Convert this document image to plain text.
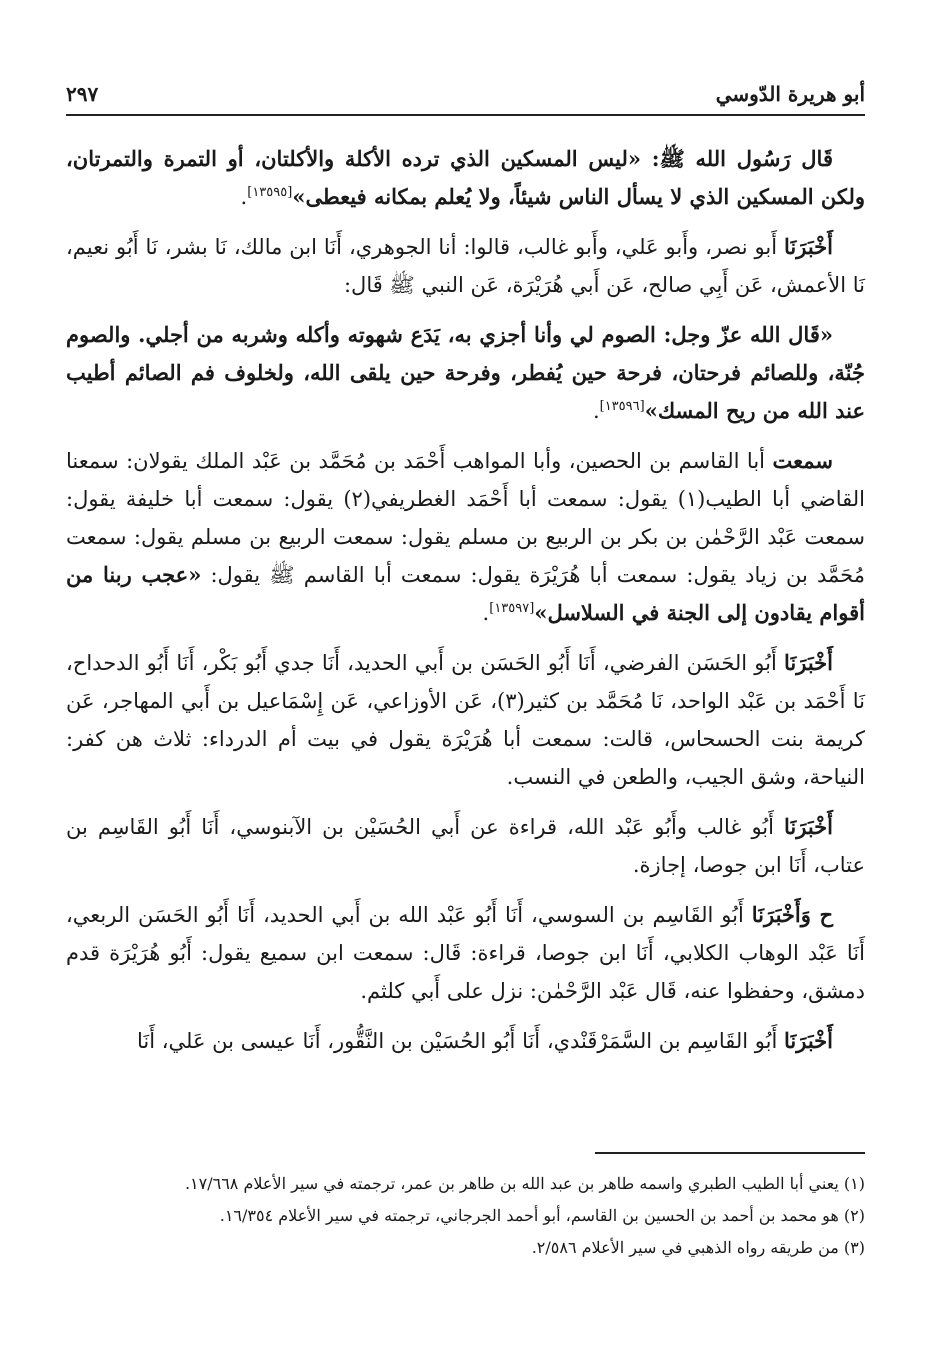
أبو هريرة الدّوسي
٢٩٧

قَال رَسُول الله ﷺ: «ليس المسكين الذي ترده الأكلة والأكلتان، أو التمرة والتمرتان، ولكن المسكين الذي لا يسأل الناس شيئاً، ولا يُعلم بمكانه فيعطى»[١٣٥٩٥].

أَخْبَرَنَا أَبو نصر، وأَبو عَلي، وأَبو غالب، قالوا: أنا الجوهري، أَنَا ابن مالك، نَا بشر، نَا أَبُو نعيم، نَا الأعمش، عَن أَبِي صالح، عَن أَبي هُرَيْرَة، عَن النبي ﷺ قَال:

«قَال الله عزّ وجل: الصوم لي وأنا أجزي به، يَدَع شهوته وأكله وشربه من أجلي. والصوم جُنّة، وللصائم فرحتان، فرحة حين يُفطر، وفرحة حين يلقى الله، ولخلوف فم الصائم أطيب عند الله من ريح المسك»[١٣٥٩٦].

سمعت أبا القاسم بن الحصين، وأبا المواهب أَحْمَد بن مُحَمَّد بن عَبْد الملك يقولان: سمعنا القاضي أبا الطيب(١) يقول: سمعت أبا أَحْمَد الغطريفي(٢) يقول: سمعت أبا خليفة يقول: سمعت عَبْد الرَّحْمٰن بن بكر بن الربيع بن مسلم يقول: سمعت الربيع بن مسلم يقول: سمعت مُحَمَّد بن زياد يقول: سمعت أبا هُرَيْرَة يقول: سمعت أبا القاسم ﷺ يقول: «عجب ربنا من أقوام يقادون إلى الجنة في السلاسل»[١٣٥٩٧].

أَخْبَرَنَا أَبُو الحَسَن الفرضي، أَنَا أَبُو الحَسَن بن أَبي الحديد، أَنَا جدي أَبُو بَكْر، أَنَا أَبُو الدحداح، نَا أَحْمَد بن عَبْد الواحد، نَا مُحَمَّد بن كثير(٣)، عَن الأوزاعي، عَن إِسْمَاعيل بن أَبي المهاجر، عَن كريمة بنت الحسحاس، قالت: سمعت أبا هُرَيْرَة يقول في بيت أم الدرداء: ثلاث هن كفر: النياحة، وشق الجيب، والطعن في النسب.

أَخْبَرَنَا أَبُو غالب وأَبُو عَبْد الله، قراءة عن أَبي الحُسَيْن بن الآبنوسي، أَنَا أَبُو القَاسِم بن عتاب، أَنَا ابن جوصا، إجازة.

ح وَأَخْبَرَنَا أَبُو القَاسِم بن السوسي، أَنَا أَبُو عَبْد الله بن أَبي الحديد، أَنَا أَبُو الحَسَن الربعي، أَنَا عَبْد الوهاب الكلابي، أَنَا ابن جوصا، قراءة: قَال: سمعت ابن سميع يقول: أَبُو هُرَيْرَة قدم دمشق، وحفظوا عنه، قَال عَبْد الرَّحْمٰن: نزل على أَبي كلثم.

أَخْبَرَنَا أَبُو القَاسِم بن السَّمَرْقَنْدي، أَنَا أَبُو الحُسَيْن بن النَّقُّور، أَنَا عيسى بن عَلي، أَنَا

(١) يعني أبا الطيب الطبري واسمه طاهر بن عبد الله بن طاهر بن عمر، ترجمته في سير الأعلام ١٧/٦٦٨.

(٢) هو محمد بن أحمد بن الحسين بن القاسم، أبو أحمد الجرجاني، ترجمته في سير الأعلام ١٦/٣٥٤.

(٣) من طريقه رواه الذهبي في سير الأعلام ٢/٥٨٦.
